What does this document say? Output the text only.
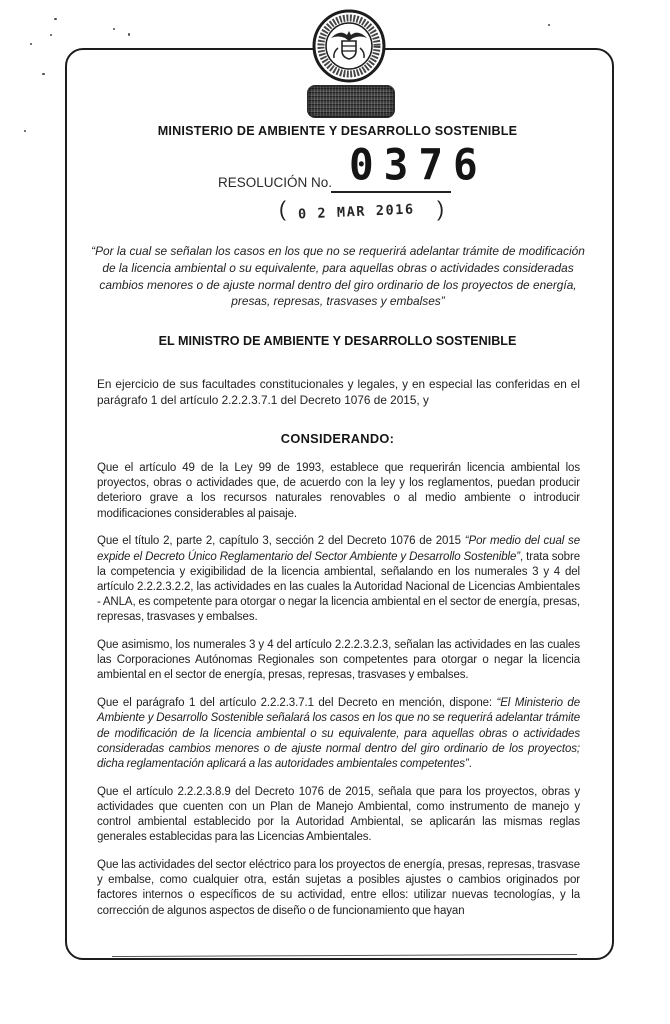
MINISTERIO DE AMBIENTE Y DESARROLLO SOSTENIBLE
RESOLUCIÓN No. 0376
( 0 2 MAR 2016 )

“Por la cual se señalan los casos en los que no se requerirá adelantar trámite de modificación de la licencia ambiental o su equivalente, para aquellas obras o actividades consideradas cambios menores o de ajuste normal dentro del giro ordinario de los proyectos de energía, presas, represas, trasvases y embalses”

EL MINISTRO DE AMBIENTE Y DESARROLLO SOSTENIBLE

En ejercicio de sus facultades constitucionales y legales, y en especial las conferidas en el parágrafo 1 del artículo 2.2.2.3.7.1 del Decreto 1076 de 2015, y

CONSIDERANDO:

Que el artículo 49 de la Ley 99 de 1993, establece que requerirán licencia ambiental los proyectos, obras o actividades que, de acuerdo con la ley y los reglamentos, puedan producir deterioro grave a los recursos naturales renovables o al medio ambiente o introducir modificaciones considerables al paisaje.

Que el título 2, parte 2, capítulo 3, sección 2 del Decreto 1076 de 2015 “Por medio del cual se expide el Decreto Único Reglamentario del Sector Ambiente y Desarrollo Sostenible”, trata sobre la competencia y exigibilidad de la licencia ambiental, señalando en los numerales 3 y 4 del artículo 2.2.2.3.2.2, las actividades en las cuales la Autoridad Nacional de Licencias Ambientales - ANLA, es competente para otorgar o negar la licencia ambiental en el sector de energía, presas, represas, trasvases y embalses.

Que asimismo, los numerales 3 y 4 del artículo 2.2.2.3.2.3, señalan las actividades en las cuales las Corporaciones Autónomas Regionales son competentes para otorgar o negar la licencia ambiental en el sector de energía, presas, represas, trasvases y embalses.

Que el parágrafo 1 del artículo 2.2.2.3.7.1 del Decreto en mención, dispone: “El Ministerio de Ambiente y Desarrollo Sostenible señalará los casos en los que no se requerirá adelantar trámite de modificación de la licencia ambiental o su equivalente, para aquellas obras o actividades consideradas cambios menores o de ajuste normal dentro del giro ordinario de los proyectos; dicha reglamentación aplicará a las autoridades ambientales competentes”.

Que el artículo 2.2.2.3.8.9 del Decreto 1076 de 2015, señala que para los proyectos, obras y actividades que cuenten con un Plan de Manejo Ambiental, como instrumento de manejo y control ambiental establecido por la Autoridad Ambiental, se aplicarán las mismas reglas generales establecidas para las Licencias Ambientales.

Que las actividades del sector eléctrico para los proyectos de energía, presas, represas, trasvase y embalse, como cualquier otra, están sujetas a posibles ajustes o cambios originados por factores internos o específicos de su actividad, entre ellos: utilizar nuevas tecnologías, y la corrección de algunos aspectos de diseño o de funcionamiento que hayan
